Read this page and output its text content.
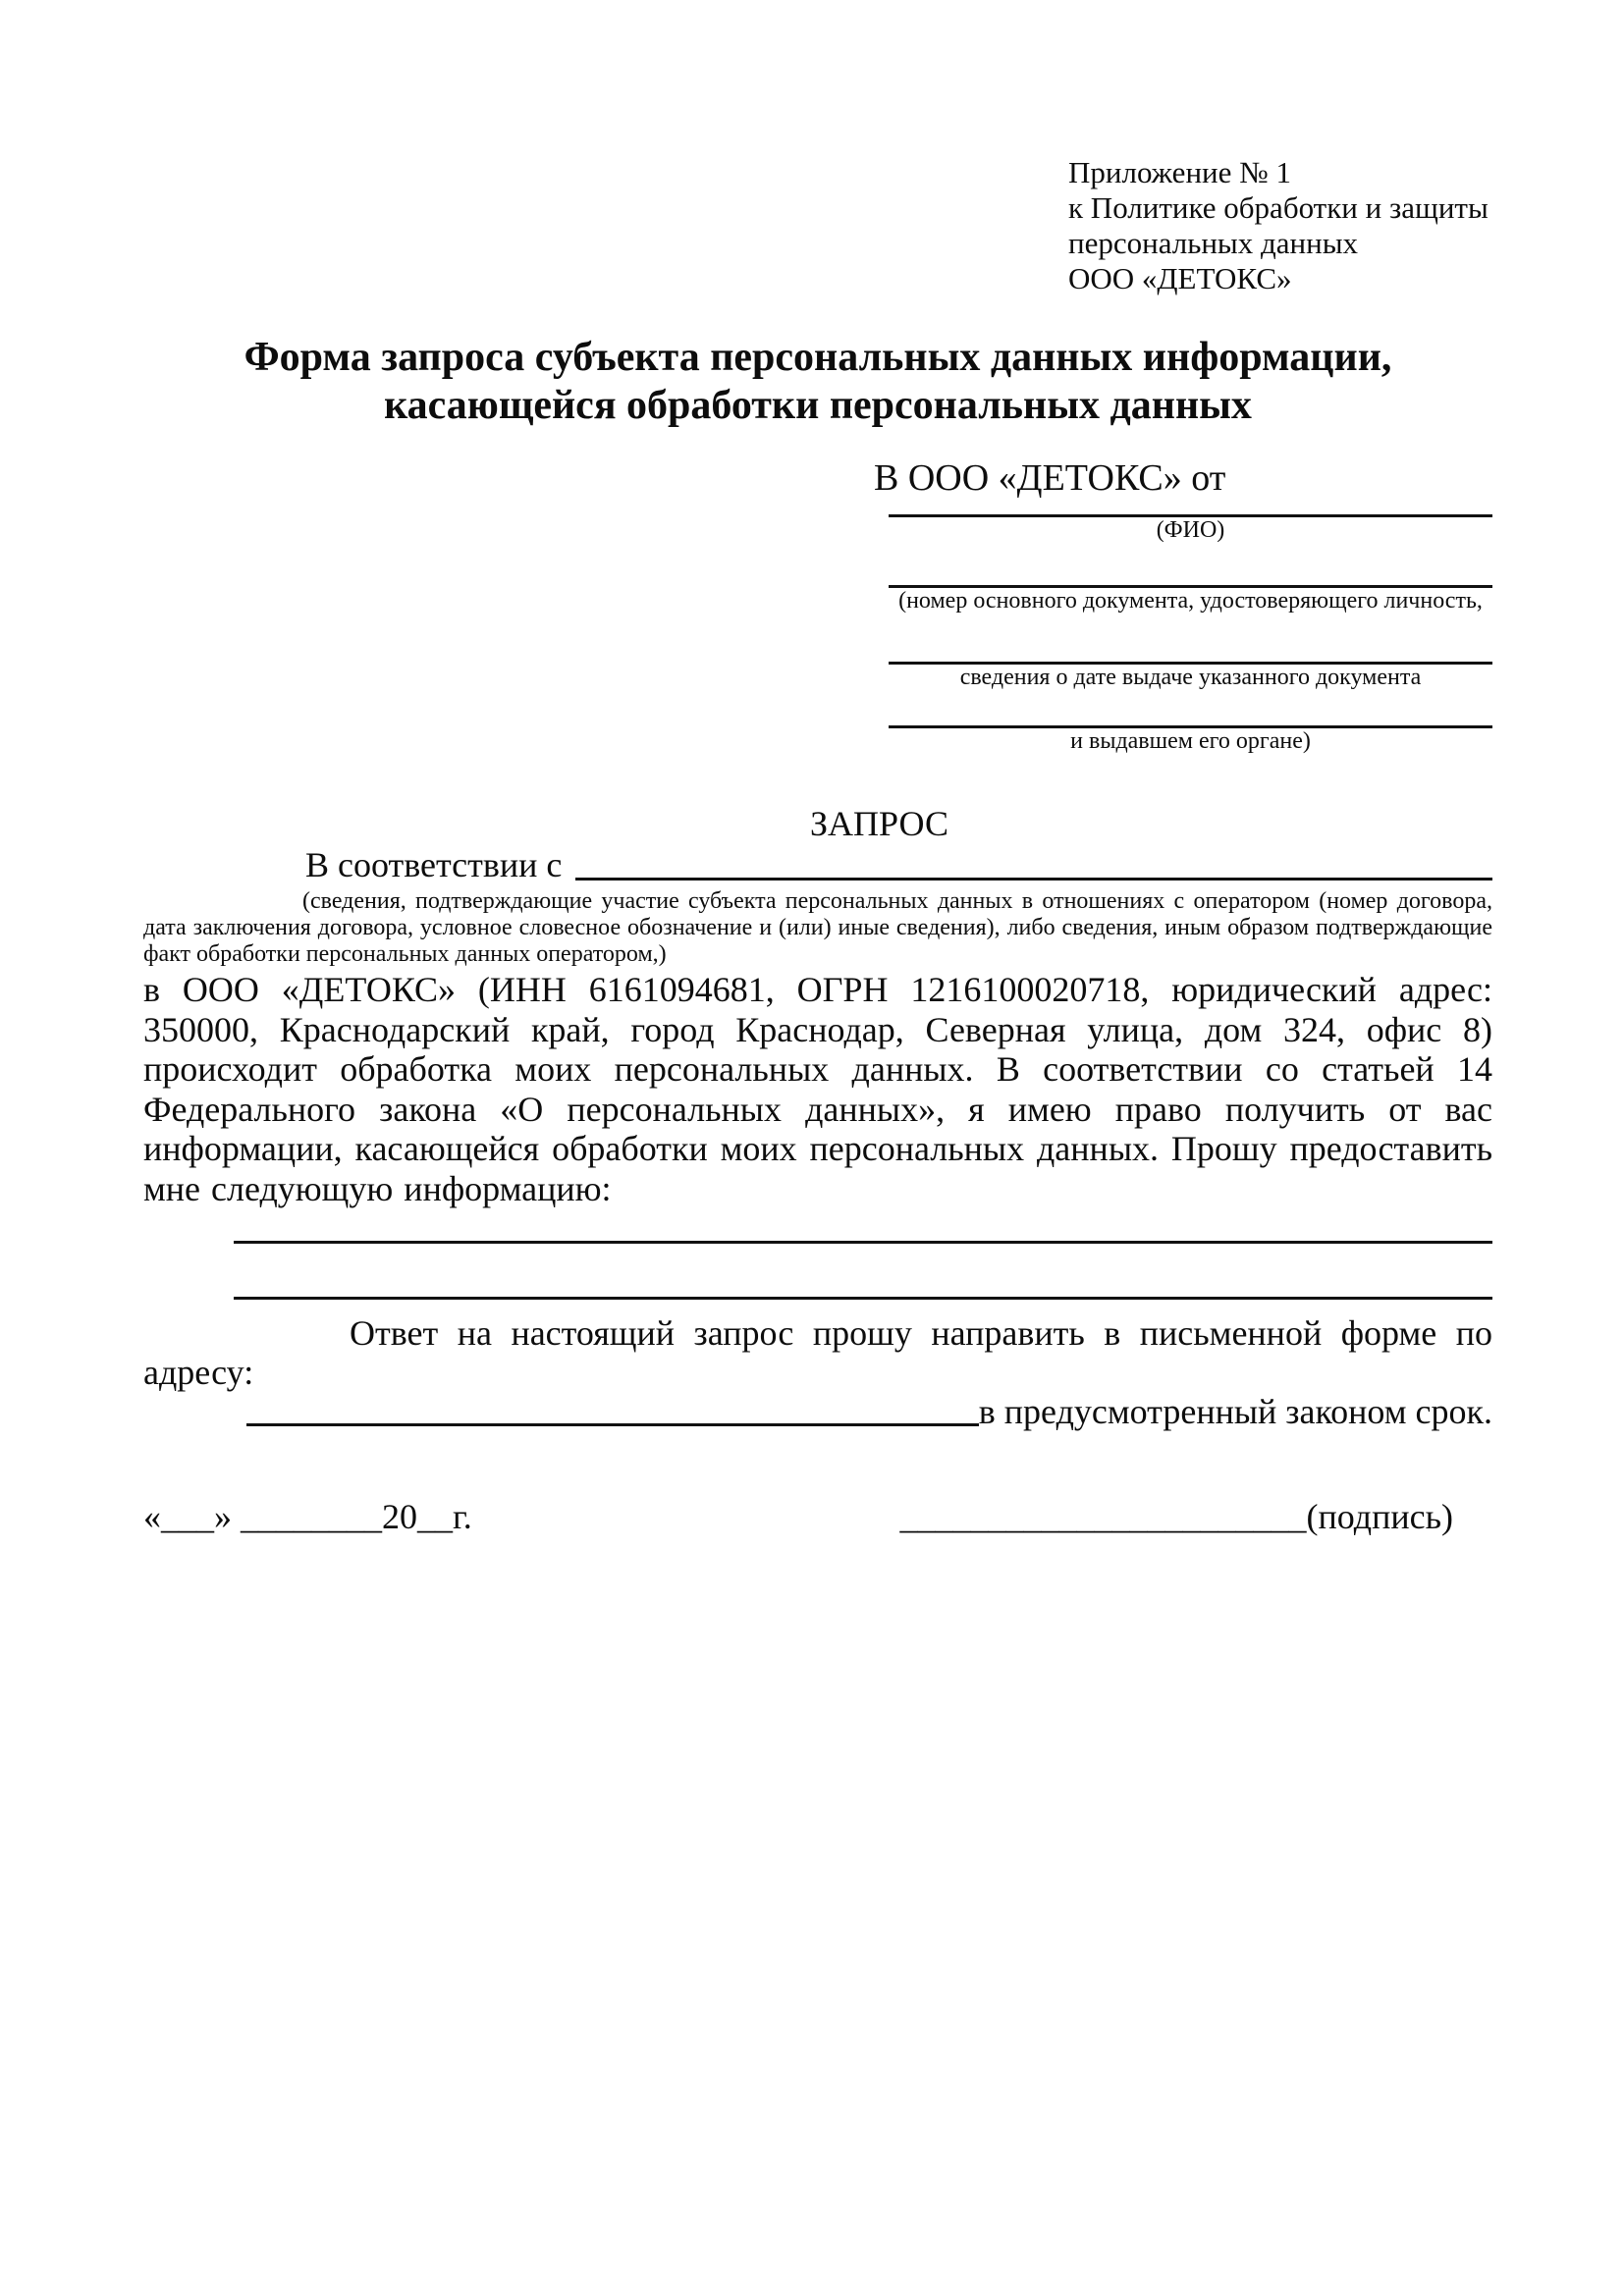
Приложение № 1
к Политике обработки и защиты
персональных данных
ООО «ДЕТОКС»
Форма запроса субъекта персональных данных информации,
касающейся обработки персональных данных
В ООО «ДЕТОКС» от
(ФИО)
(номер основного документа, удостоверяющего личность,
сведения о дате выдаче указанного документа
и выдавшем его органе)
ЗАПРОС
В соответствии с
(сведения, подтверждающие участие субъекта персональных данных в отношениях с оператором (номер договора, дата заключения договора, условное словесное обозначение и (или) иные сведения), либо сведения, иным образом подтверждающие факт обработки персональных данных оператором,)
в ООО «ДЕТОКС» (ИНН 6161094681, ОГРН 1216100020718, юридический адрес: 350000, Краснодарский край, город Краснодар, Северная улица, дом 324, офис 8) происходит обработка моих персональных данных. В соответствии со статьей 14 Федерального закона «О персональных данных», я имею право получить от вас информации, касающейся обработки моих персональных данных. Прошу предоставить мне следующую информацию:
Ответ на настоящий запрос прошу направить в письменной форме по адресу:
в предусмотренный законом срок.
«___» ________20__г.	_______________________(подпись)
